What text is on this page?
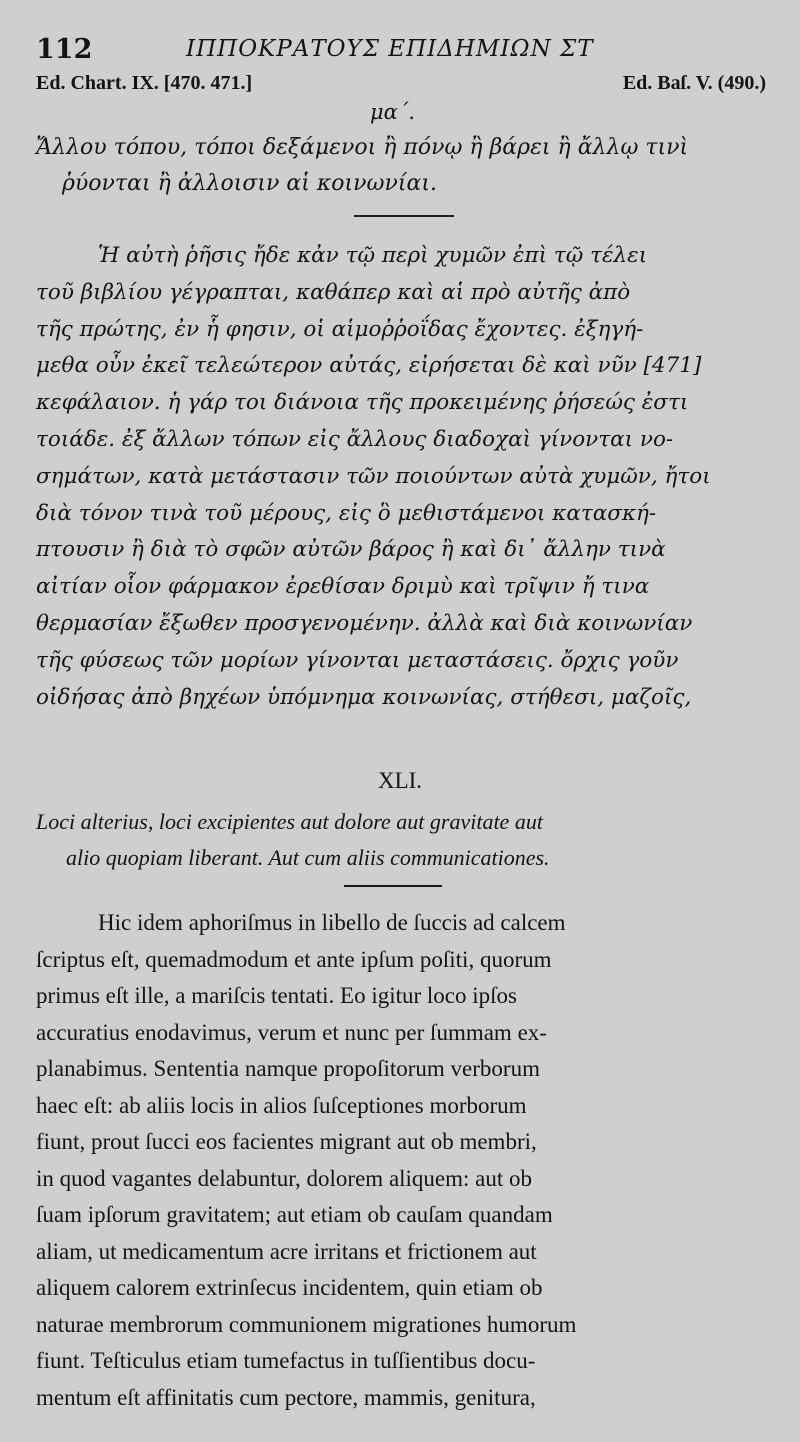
112	ΙΠΠΟΚΡΑΤΟΥΣ ΕΠΙΔΗΜΙΩΝ ΣΤ
Ed. Chart. IX. [470. 471.]	Ed. Baſ. V. (490.)
μα΄.
Ἄλλου τόπου, τόποι δεξάμενοι ἢ πόνῳ ἢ βάρει ἢ ἄλλῳ τινὶ
ῥύονται ἢ ἀλλοισιν αἱ κοινωνίαι.
Ἡ αὐτὴ ῥῆσις ἤδε κἀν τῷ περὶ χυμῶν ἐπὶ τῷ τέλει
τοῦ βιβλίου γέγραπται, καθάπερ καὶ αἱ πρὸ αὐτῆς ἀπὸ
τῆς πρώτης, ἐν ἧ φησιν, οἱ αἱμοῤῥοΐδας ἔχοντες. ἐξηγή-
μεθα οὖν ἐκεῖ τελεώτερον αὐτάς, εἰρήσεται δὲ καὶ νῦν [471]
κεφάλαιον. ἡ γάρ τοι διάνοια τῆς προκειμένης ῥήσεώς ἐστι
τοιάδε. ἐξ ἄλλων τόπων εἰς ἄλλους διαδοχαὶ γίνονται νο-
σημάτων, κατὰ μετάστασιν τῶν ποιούντων αὐτὰ χυμῶν, ἤτοι
διὰ τόνον τινὰ τοῦ μέρους, εἰς ὃ μεθιστάμενοι κατασκή-
πτουσιν ἢ διὰ τὸ σφῶν αὐτῶν βάρος ἢ καὶ δι᾽ ἄλλην τινὰ
αἰτίαν οἷον φάρμακον ἐρεθίσαν δριμὺ καὶ τρῖψιν ἤ τινα
θερμασίαν ἔξωθεν προσγενομένην. ἀλλὰ καὶ διὰ κοινωνίαν
τῆς φύσεως τῶν μορίων γίνονται μεταστάσεις. ὄρχις γοῦν
οἰδήσας ἀπὸ βηχέων ὑπόμνημα κοινωνίας, στήθεσι, μαζοῖς,
XLI.
Loci alterius, loci excipientes aut dolore aut gravitate aut
alio quopiam liberant. Aut cum aliis communicationes.
Hic idem aphoriſmus in libello de ſuccis ad calcem
ſcriptus eſt, quemadmodum et ante ipſum poſiti, quorum
primus eſt ille, a mariſcis tentati. Eo igitur loco ipſos
accuratius enodavimus, verum et nunc per ſummam ex-
planabimus. Sententia namque propoſitorum verborum
haec eſt: ab aliis locis in alios ſuſceptiones morborum
fiunt, prout ſucci eos facientes migrant aut ob membri,
in quod vagantes delabuntur, dolorem aliquem: aut ob
ſuam ipſorum gravitatem; aut etiam ob cauſam quandam
aliam, ut medicamentum acre irritans et frictionem aut
aliquem calorem extrinſecus incidentem, quin etiam ob
naturae membrorum communionem migrationes humorum
fiunt. Teſticulus etiam tumefactus in tuſſientibus docu-
mentum eſt affinitatis cum pectore, mammis, genitura,
